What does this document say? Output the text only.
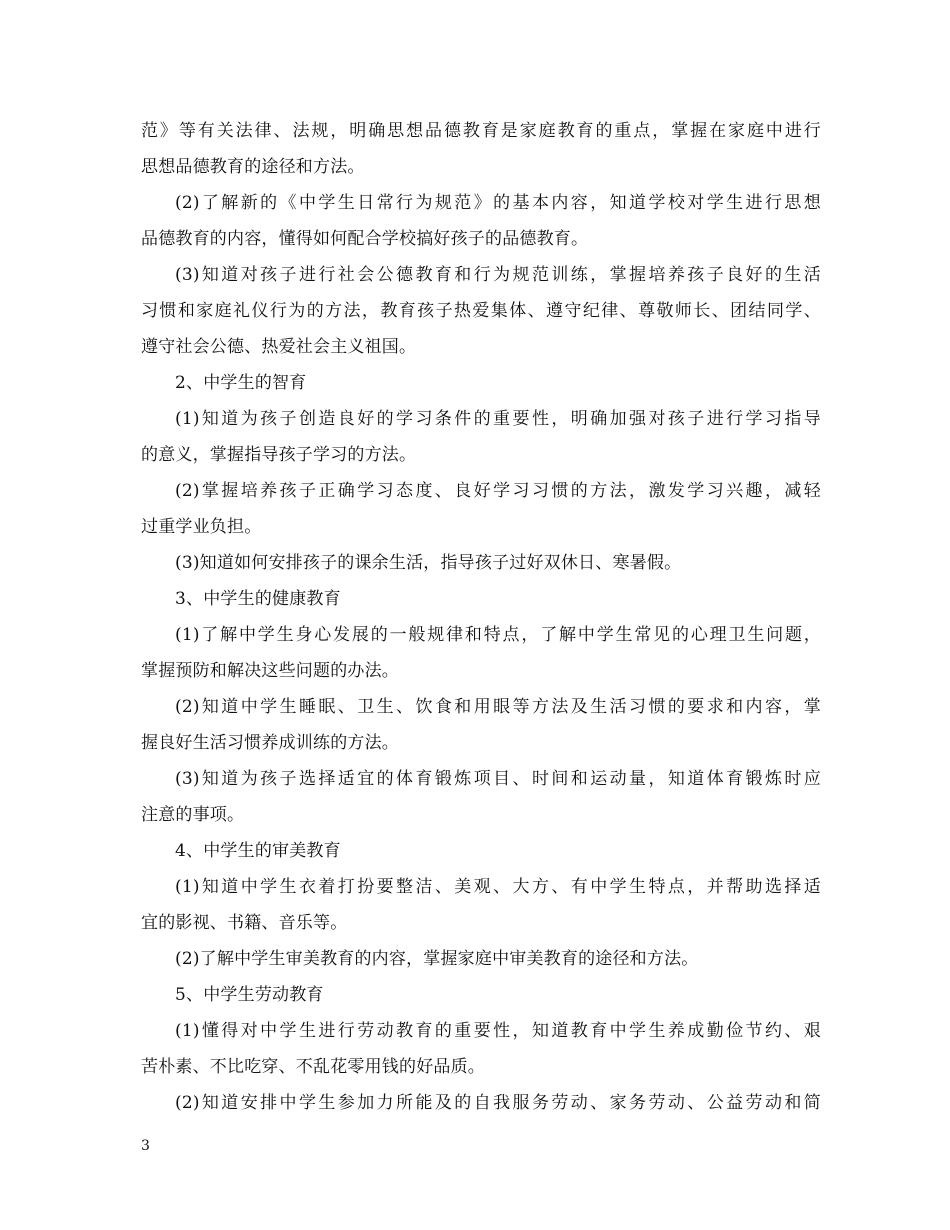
范》等有关法律、法规，明确思想品德教育是家庭教育的重点，掌握在家庭中进行
思想品德教育的途径和方法。
(2)了解新的《中学生日常行为规范》的基本内容，知道学校对学生进行思想
品德教育的内容，懂得如何配合学校搞好孩子的品德教育。
(3)知道对孩子进行社会公德教育和行为规范训练，掌握培养孩子良好的生活
习惯和家庭礼仪行为的方法，教育孩子热爱集体、遵守纪律、尊敬师长、团结同学、
遵守社会公德、热爱社会主义祖国。
2、中学生的智育
(1)知道为孩子创造良好的学习条件的重要性，明确加强对孩子进行学习指导
的意义，掌握指导孩子学习的方法。
(2)掌握培养孩子正确学习态度、良好学习习惯的方法，激发学习兴趣，减轻
过重学业负担。
(3)知道如何安排孩子的课余生活，指导孩子过好双休日、寒暑假。
3、中学生的健康教育
(1)了解中学生身心发展的一般规律和特点，了解中学生常见的心理卫生问题，
掌握预防和解决这些问题的办法。
(2)知道中学生睡眠、卫生、饮食和用眼等方法及生活习惯的要求和内容，掌
握良好生活习惯养成训练的方法。
(3)知道为孩子选择适宜的体育锻炼项目、时间和运动量，知道体育锻炼时应
注意的事项。
4、中学生的审美教育
(1)知道中学生衣着打扮要整洁、美观、大方、有中学生特点，并帮助选择适
宜的影视、书籍、音乐等。
(2)了解中学生审美教育的内容，掌握家庭中审美教育的途径和方法。
5、中学生劳动教育
(1)懂得对中学生进行劳动教育的重要性，知道教育中学生养成勤俭节约、艰
苦朴素、不比吃穿、不乱花零用钱的好品质。
(2)知道安排中学生参加力所能及的自我服务劳动、家务劳动、公益劳动和简
3
